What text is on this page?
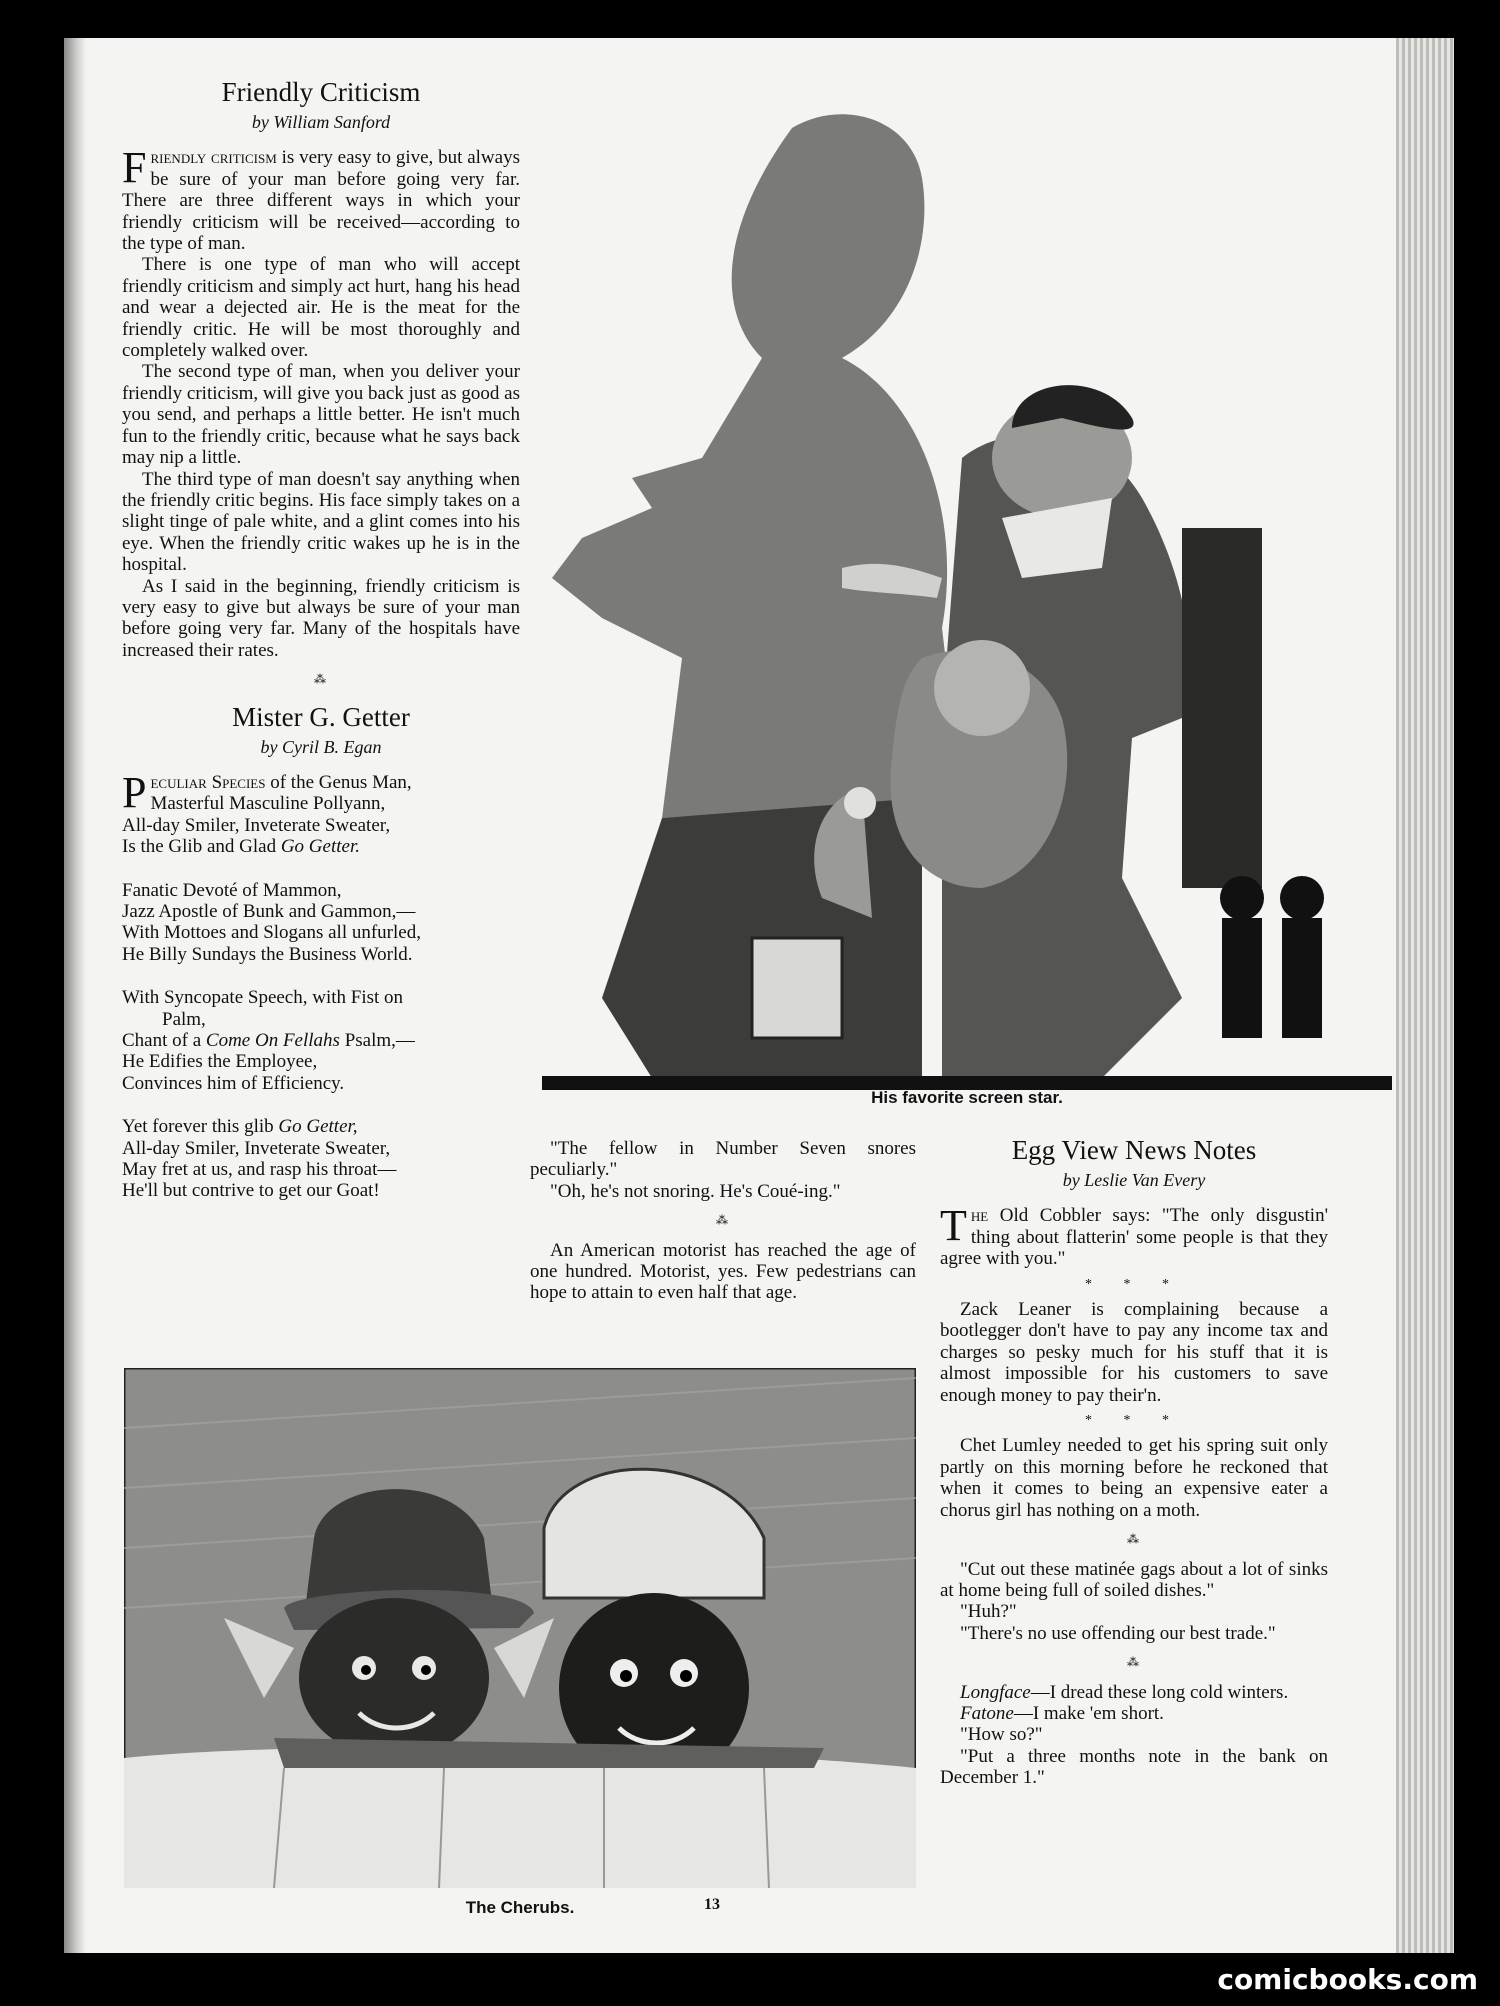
Friendly Criticism
by William Sanford

Friendly criticism is very easy to give, but always be sure of your man before going very far. There are three different ways in which your friendly criticism will be received—according to the type of man.

There is one type of man who will accept friendly criticism and simply act hurt, hang his head and wear a dejected air. He is the meat for the friendly critic. He will be most thoroughly and completely walked over.

The second type of man, when you deliver your friendly criticism, will give you back just as good as you send, and perhaps a little better. He isn't much fun to the friendly critic, because what he says back may nip a little.

The third type of man doesn't say anything when the friendly critic begins. His face simply takes on a slight tinge of pale white, and a glint comes into his eye. When the friendly critic wakes up he is in the hospital.

As I said in the beginning, friendly criticism is very easy to give but always be sure of your man before going very far. Many of the hospitals have increased their rates.

⁂
Mister G. Getter
by Cyril B. Egan

Peculiar Species of the Genus Man,

Masterful Masculine Pollyann,

All-day Smiler, Inveterate Sweater,

Is the Glib and Glad Go Getter.

Fanatic Devoté of Mammon,

Jazz Apostle of Bunk and Gammon,—

With Mottoes and Slogans all unfurled,

He Billy Sundays the Business World.

With Syncopate Speech, with Fist on

Palm,

Chant of a Come On Fellahs Psalm,—

He Edifies the Employee,

Convinces him of Efficiency.

Yet forever this glib Go Getter,

All-day Smiler, Inveterate Sweater,

May fret at us, and rasp his throat—

He'll but contrive to get our Goat!

His favorite screen star.

"The fellow in Number Seven snores peculiarly."

"Oh, he's not snoring. He's Coué-ing."

⁂

An American motorist has reached the age of one hundred. Motorist, yes. Few pedestrians can hope to attain to even half that age.

Egg View News Notes
by Leslie Van Every

The Old Cobbler says: "The only disgustin' thing about flatterin' some people is that they agree with you."

* * *

Zack Leaner is complaining because a bootlegger don't have to pay any income tax and charges so pesky much for his stuff that it is almost impossible for his customers to save enough money to pay their'n.

* * *

Chet Lumley needed to get his spring suit only partly on this morning before he reckoned that when it comes to being an expensive eater a chorus girl has nothing on a moth.

⁂

"Cut out these matinée gags about a lot of sinks at home being full of soiled dishes."

"Huh?"

"There's no use offending our best trade."

⁂

Longface—I dread these long cold winters.

Fatone—I make 'em short.

"How so?"

"Put a three months note in the bank on December 1."

The Cherubs.	13
comicbooks.com
